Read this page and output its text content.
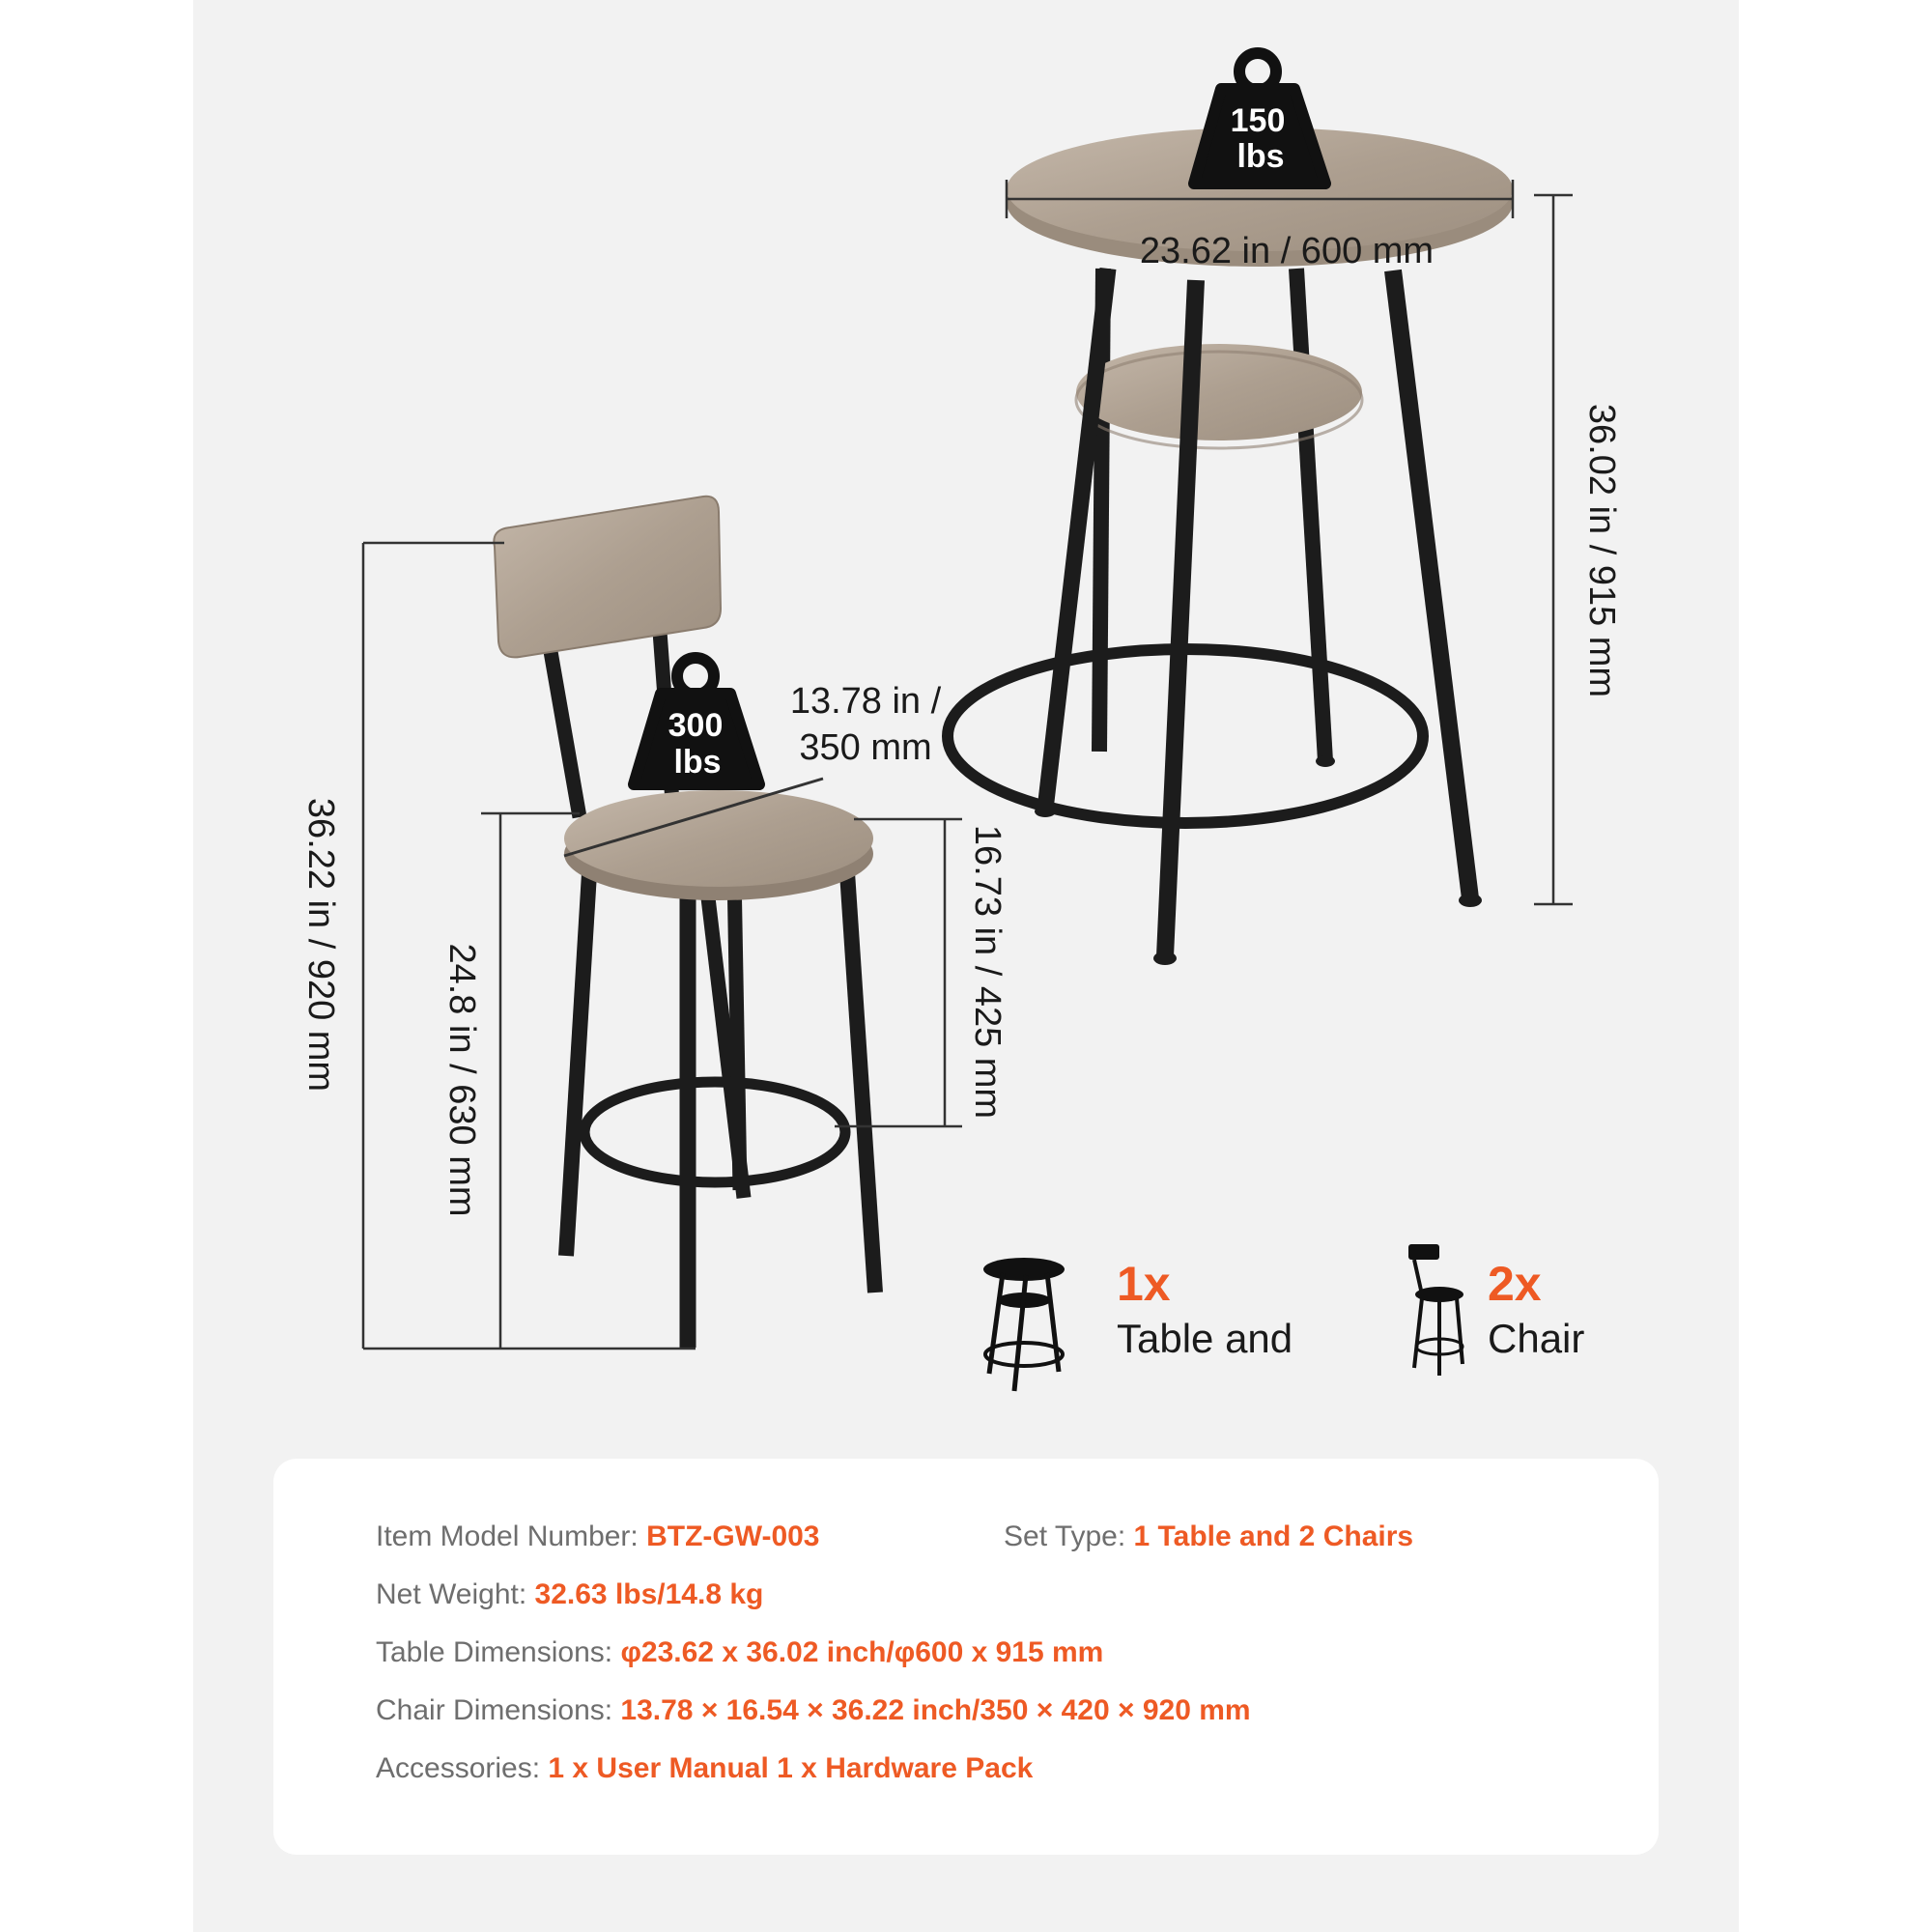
150
lbs
23.62 in / 600 mm
36.02 in / 915 mm
300
lbs
13.78 in /
350 mm
36.22 in / 920 mm	24.8 in / 630 mm	16.73 in / 425 mm
1x
Table and
2x
Chair
Item Model Number: BTZ-GW-003	Set Type: 1 Table and 2 Chairs
Net Weight: 32.63 lbs/14.8 kg
Table Dimensions: φ23.62 x 36.02 inch/φ600 x 915 mm
Chair Dimensions: 13.78 × 16.54 × 36.22 inch/350 × 420 × 920 mm
Accessories: 1 x User Manual 1 x Hardware Pack
